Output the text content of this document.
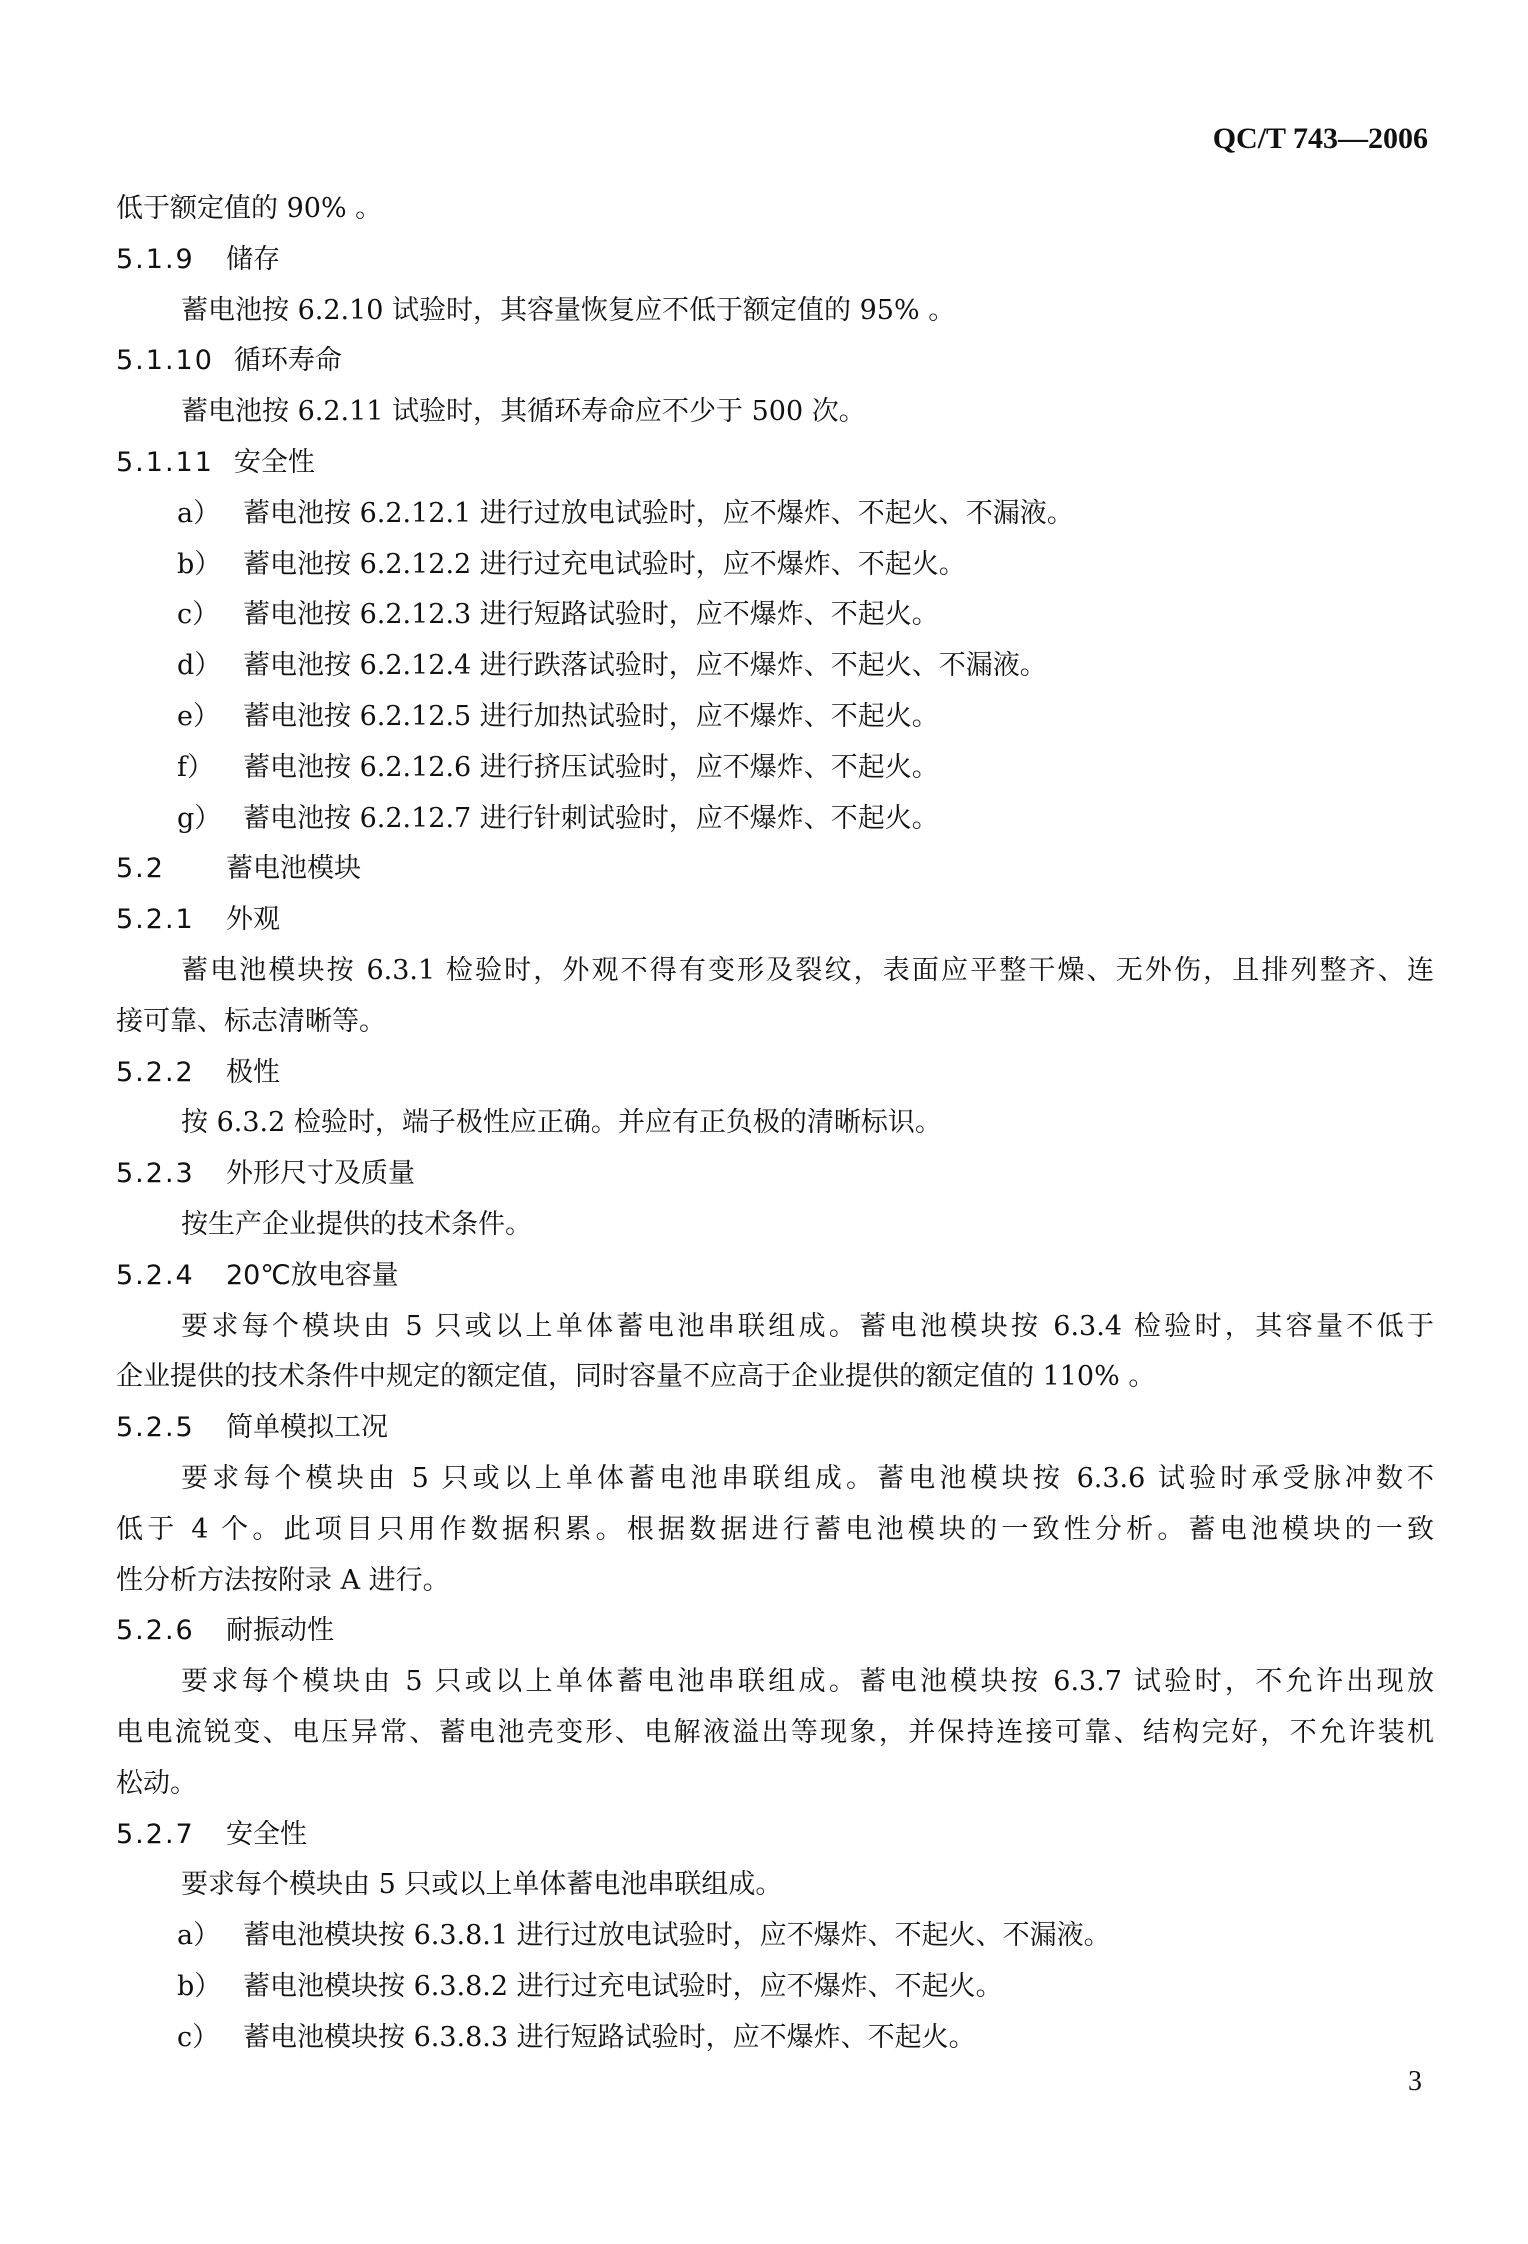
QC/T 743—2006
低于额定值的 90% 。
5.1.9 储存
蓄电池按 6.2.10 试验时，其容量恢复应不低于额定值的 95% 。
5.1.10 循环寿命
蓄电池按 6.2.11 试验时，其循环寿命应不少于 500 次。
5.1.11 安全性
a） 蓄电池按 6.2.12.1 进行过放电试验时，应不爆炸、不起火、不漏液。
b） 蓄电池按 6.2.12.2 进行过充电试验时，应不爆炸、不起火。
c） 蓄电池按 6.2.12.3 进行短路试验时，应不爆炸、不起火。
d） 蓄电池按 6.2.12.4 进行跌落试验时，应不爆炸、不起火、不漏液。
e） 蓄电池按 6.2.12.5 进行加热试验时，应不爆炸、不起火。
f） 蓄电池按 6.2.12.6 进行挤压试验时，应不爆炸、不起火。
g） 蓄电池按 6.2.12.7 进行针刺试验时，应不爆炸、不起火。
5.2 蓄电池模块
5.2.1 外观
蓄电池模块按 6.3.1 检验时，外观不得有变形及裂纹，表面应平整干燥、无外伤，且排列整齐、连
接可靠、标志清晰等。
5.2.2 极性
按 6.3.2 检验时，端子极性应正确。并应有正负极的清晰标识。
5.2.3 外形尺寸及质量
按生产企业提供的技术条件。
5.2.4 20℃放电容量
要求每个模块由 5 只或以上单体蓄电池串联组成。蓄电池模块按 6.3.4 检验时，其容量不低于
企业提供的技术条件中规定的额定值，同时容量不应高于企业提供的额定值的 110% 。
5.2.5 简单模拟工况
要求每个模块由 5 只或以上单体蓄电池串联组成。蓄电池模块按 6.3.6 试验时承受脉冲数不
低于 4 个。此项目只用作数据积累。根据数据进行蓄电池模块的一致性分析。蓄电池模块的一致
性分析方法按附录 A 进行。
5.2.6 耐振动性
要求每个模块由 5 只或以上单体蓄电池串联组成。蓄电池模块按 6.3.7 试验时，不允许出现放
电电流锐变、电压异常、蓄电池壳变形、电解液溢出等现象，并保持连接可靠、结构完好，不允许装机
松动。
5.2.7 安全性
要求每个模块由 5 只或以上单体蓄电池串联组成。
a） 蓄电池模块按 6.3.8.1 进行过放电试验时，应不爆炸、不起火、不漏液。
b） 蓄电池模块按 6.3.8.2 进行过充电试验时，应不爆炸、不起火。
c） 蓄电池模块按 6.3.8.3 进行短路试验时，应不爆炸、不起火。
3
